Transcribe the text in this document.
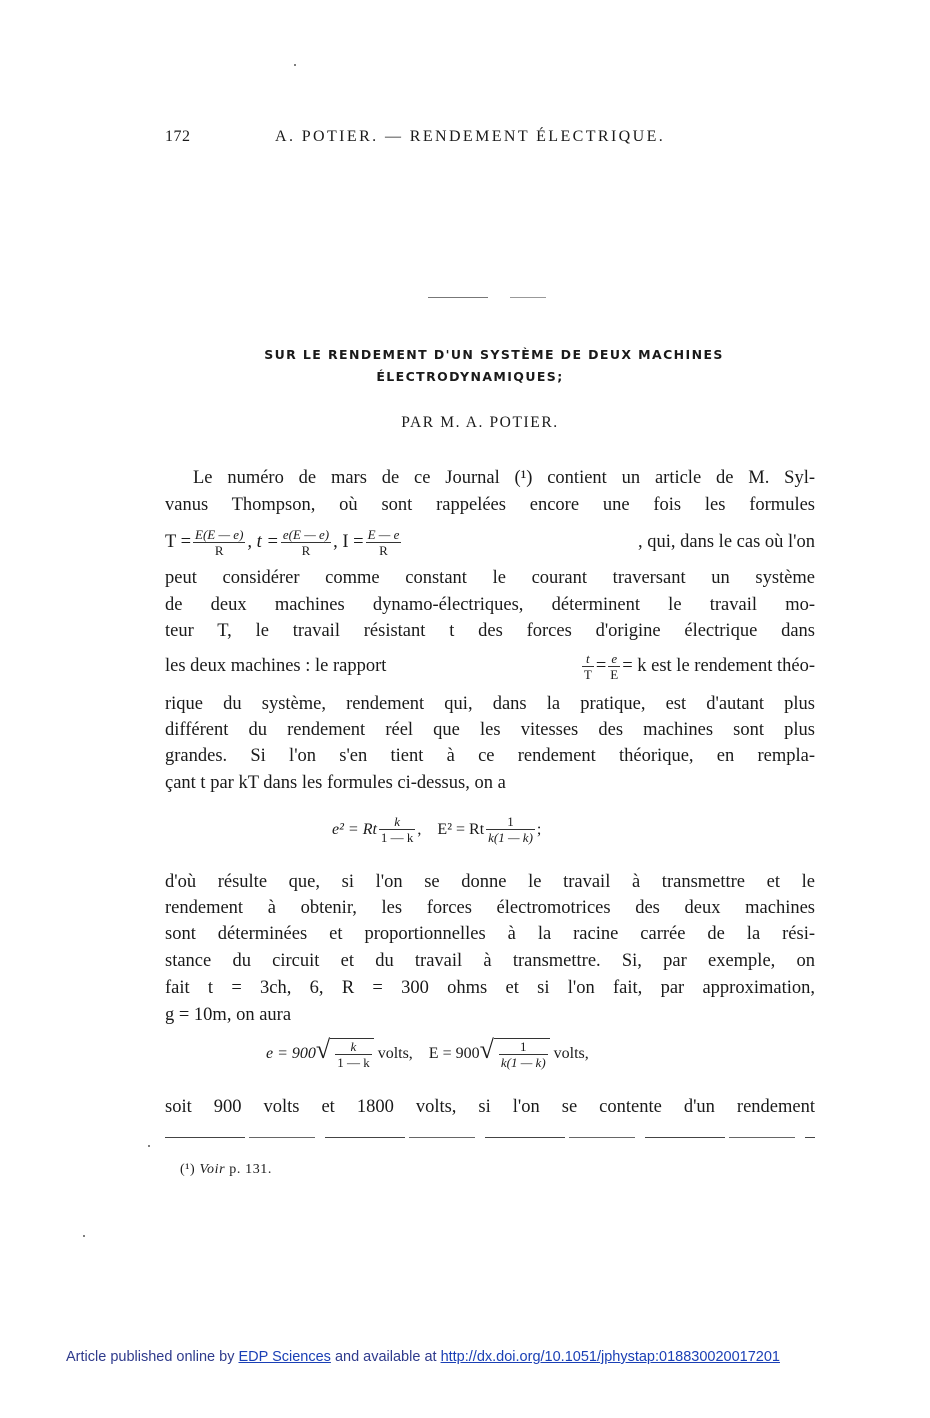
172	A. POTIER. — RENDEMENT ÉLECTRIQUE.
SUR LE RENDEMENT D'UN SYSTÈME DE DEUX MACHINES
ÉLECTRODYNAMIQUES;
PAR M. A. POTIER.
Le numéro de mars de ce Journal (¹) contient un article de M. Syl-
vanus Thompson, où sont rappelées encore une fois les formules
$T = \frac{E(E — e)}{R}$ , $t = \frac{e(E — e)}{R}$ , $I = \frac{E — e}{R}$	, qui, dans le cas où l'on
peut considérer comme constant le courant traversant un système
de deux machines dynamo-électriques, déterminent le travail mo-
teur T, le travail résistant t des forces d'origine électrique dans
les deux machines : le rapport	$\frac{t}{T} = \frac{e}{E} = k$ est le rendement théo-
rique du système, rendement qui, dans la pratique, est d'autant plus
différent du rendement réel que les vitesses des machines sont plus
grandes. Si l'on s'en tient à ce rendement théorique, en rempla-
çant t par kT dans les formules ci-dessus, on a
e² = Rt $\frac{k}{1 — k}$ ,    E² = Rt $\frac{1}{k(1 — k)}$ ;
d'où résulte que, si l'on se donne le travail à transmettre et le
rendement à obtenir, les forces électromotrices des deux machines
sont déterminées et proportionnelles à la racine carrée de la rési-
stance du circuit et du travail à transmettre. Si, par exemple, on
fait t = 3ch, 6, R = 300 ohms et si l'on fait, par approximation,
g = 10m, on aura
e = 900 √ $\frac{k}{1 — k}$ volts,    E = 900 √ $\frac{1}{k(1 — k)}$ volts,
soit 900 volts et 1800 volts, si l'on se contente d'un rendement
(¹) Voir p. 131.
Article published online by EDP Sciences and available at http://dx.doi.org/10.1051/jphystap:018830020017201
